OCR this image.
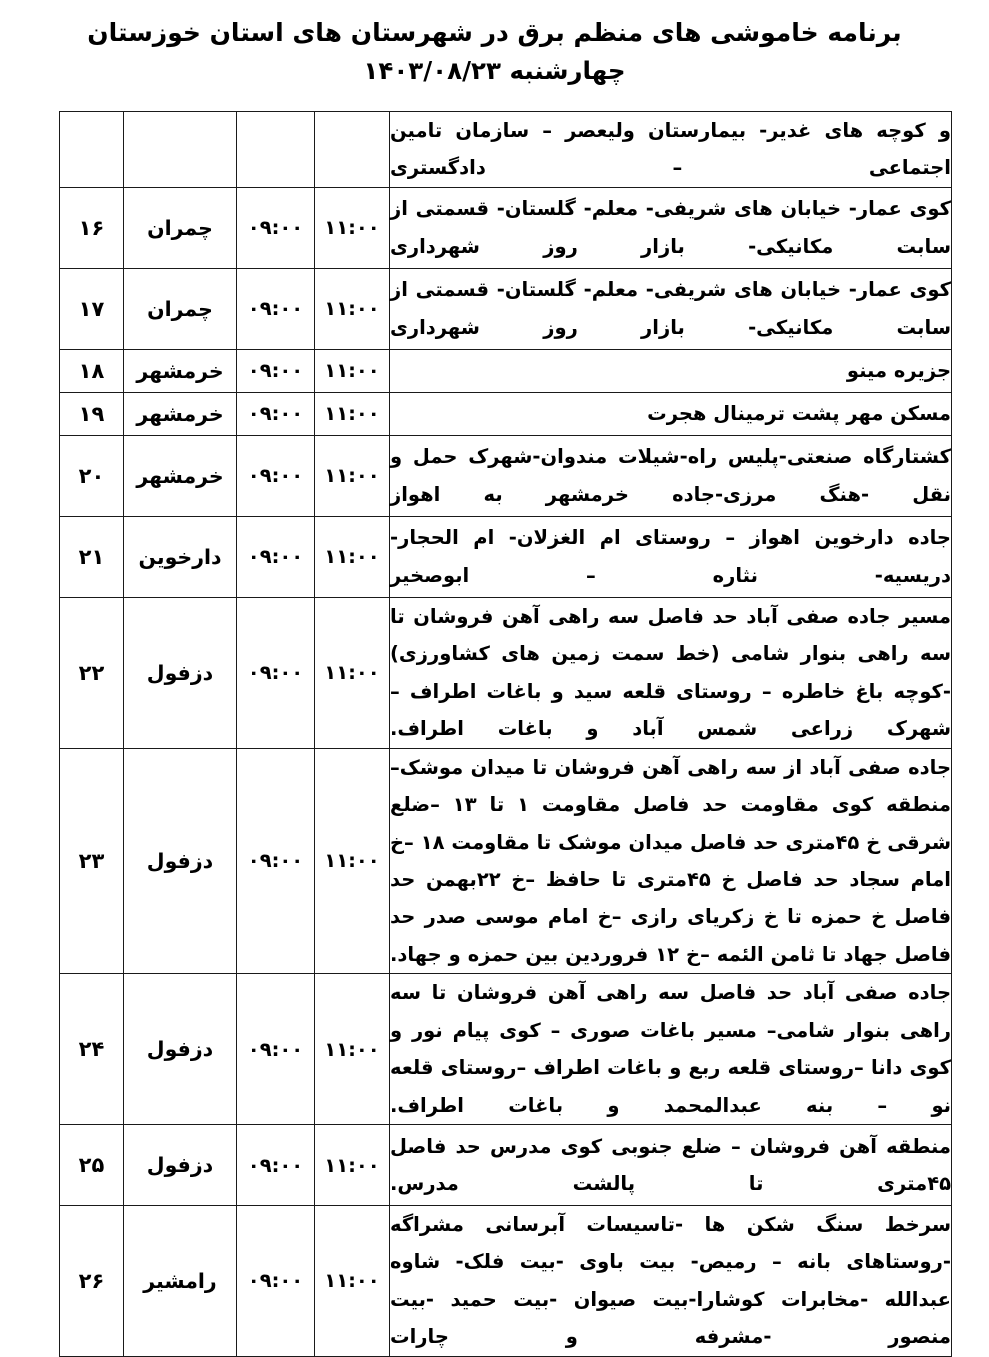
برنامه خاموشی های منظم برق در شهرستان های استان خوزستان
چهارشنبه ۱۴۰۳/۰۸/۲۳
و کوچه های غدیر- بیمارستان ولیعصر – سازمان تامین اجتماعی – دادگستری				
کوی عمار- خیابان های شریفی- معلم- گلستان- قسمتی از سابت مکانیکی- بازار روز شهرداری	۱۱:۰۰	۰۹:۰۰	چمران	۱۶
کوی عمار- خیابان های شریفی- معلم- گلستان- قسمتی از سابت مکانیکی- بازار روز شهرداری	۱۱:۰۰	۰۹:۰۰	چمران	۱۷
جزیره مینو	۱۱:۰۰	۰۹:۰۰	خرمشهر	۱۸
مسکن مهر پشت ترمینال هجرت	۱۱:۰۰	۰۹:۰۰	خرمشهر	۱۹
کشتارگاه صنعتی-پلیس راه-شیلات مندوان-شهرک حمل و نقل -هنگ مرزی-جاده خرمشهر به اهواز	۱۱:۰۰	۰۹:۰۰	خرمشهر	۲۰
جاده دارخوین اهواز – روستای ام الغزلان- ام الحجار- دریسیه- نثاره – ابوصخیر	۱۱:۰۰	۰۹:۰۰	دارخوین	۲۱
مسیر جاده صفی آباد حد فاصل سه راهی آهن فروشان تا سه راهی بنوار شامی (خط سمت زمین های کشاورزی) -کوچه باغ خاطره – روستای قلعه سید و باغات اطراف – شهرک زراعی شمس آباد و باغات اطراف.	۱۱:۰۰	۰۹:۰۰	دزفول	۲۲
جاده صفی آباد از سه راهی آهن فروشان تا میدان موشک– منطقه کوی مقاومت حد فاصل مقاومت ۱ تا ۱۳ –ضلع شرقی خ ۴۵متری حد فاصل میدان موشک تا مقاومت ۱۸ –خ امام سجاد حد فاصل خ ۴۵متری تا حافظ –خ ۲۲بهمن حد فاصل خ حمزه تا خ زکریای رازی –خ امام موسی صدر حد فاصل جهاد تا ثامن الئمه –خ ۱۲ فروردین بین حمزه و جهاد.	۱۱:۰۰	۰۹:۰۰	دزفول	۲۳
جاده صفی آباد حد فاصل سه راهی آهن فروشان تا سه راهی بنوار شامی– مسیر باغات صوری – کوی پیام نور و کوی دانا –روستای قلعه ربع و باغات اطراف –روستای قلعه نو – بنه عبدالمحمد و باغات اطراف.	۱۱:۰۰	۰۹:۰۰	دزفول	۲۴
منطقه آهن فروشان – ضلع جنوبی کوی مدرس حد فاصل ۴۵متری تا پالشت مدرس.	۱۱:۰۰	۰۹:۰۰	دزفول	۲۵
سرخط سنگ شکن ها -تاسیسات آبرسانی مشراگه -روستاهای بانه – رمیص- بیت باوی -بیت فلک- شاوه عبدالله -مخابرات کوشارا-بیت صیوان -بیت حمید -بیت منصور -مشرفه و چارات	۱۱:۰۰	۰۹:۰۰	رامشیر	۲۶
